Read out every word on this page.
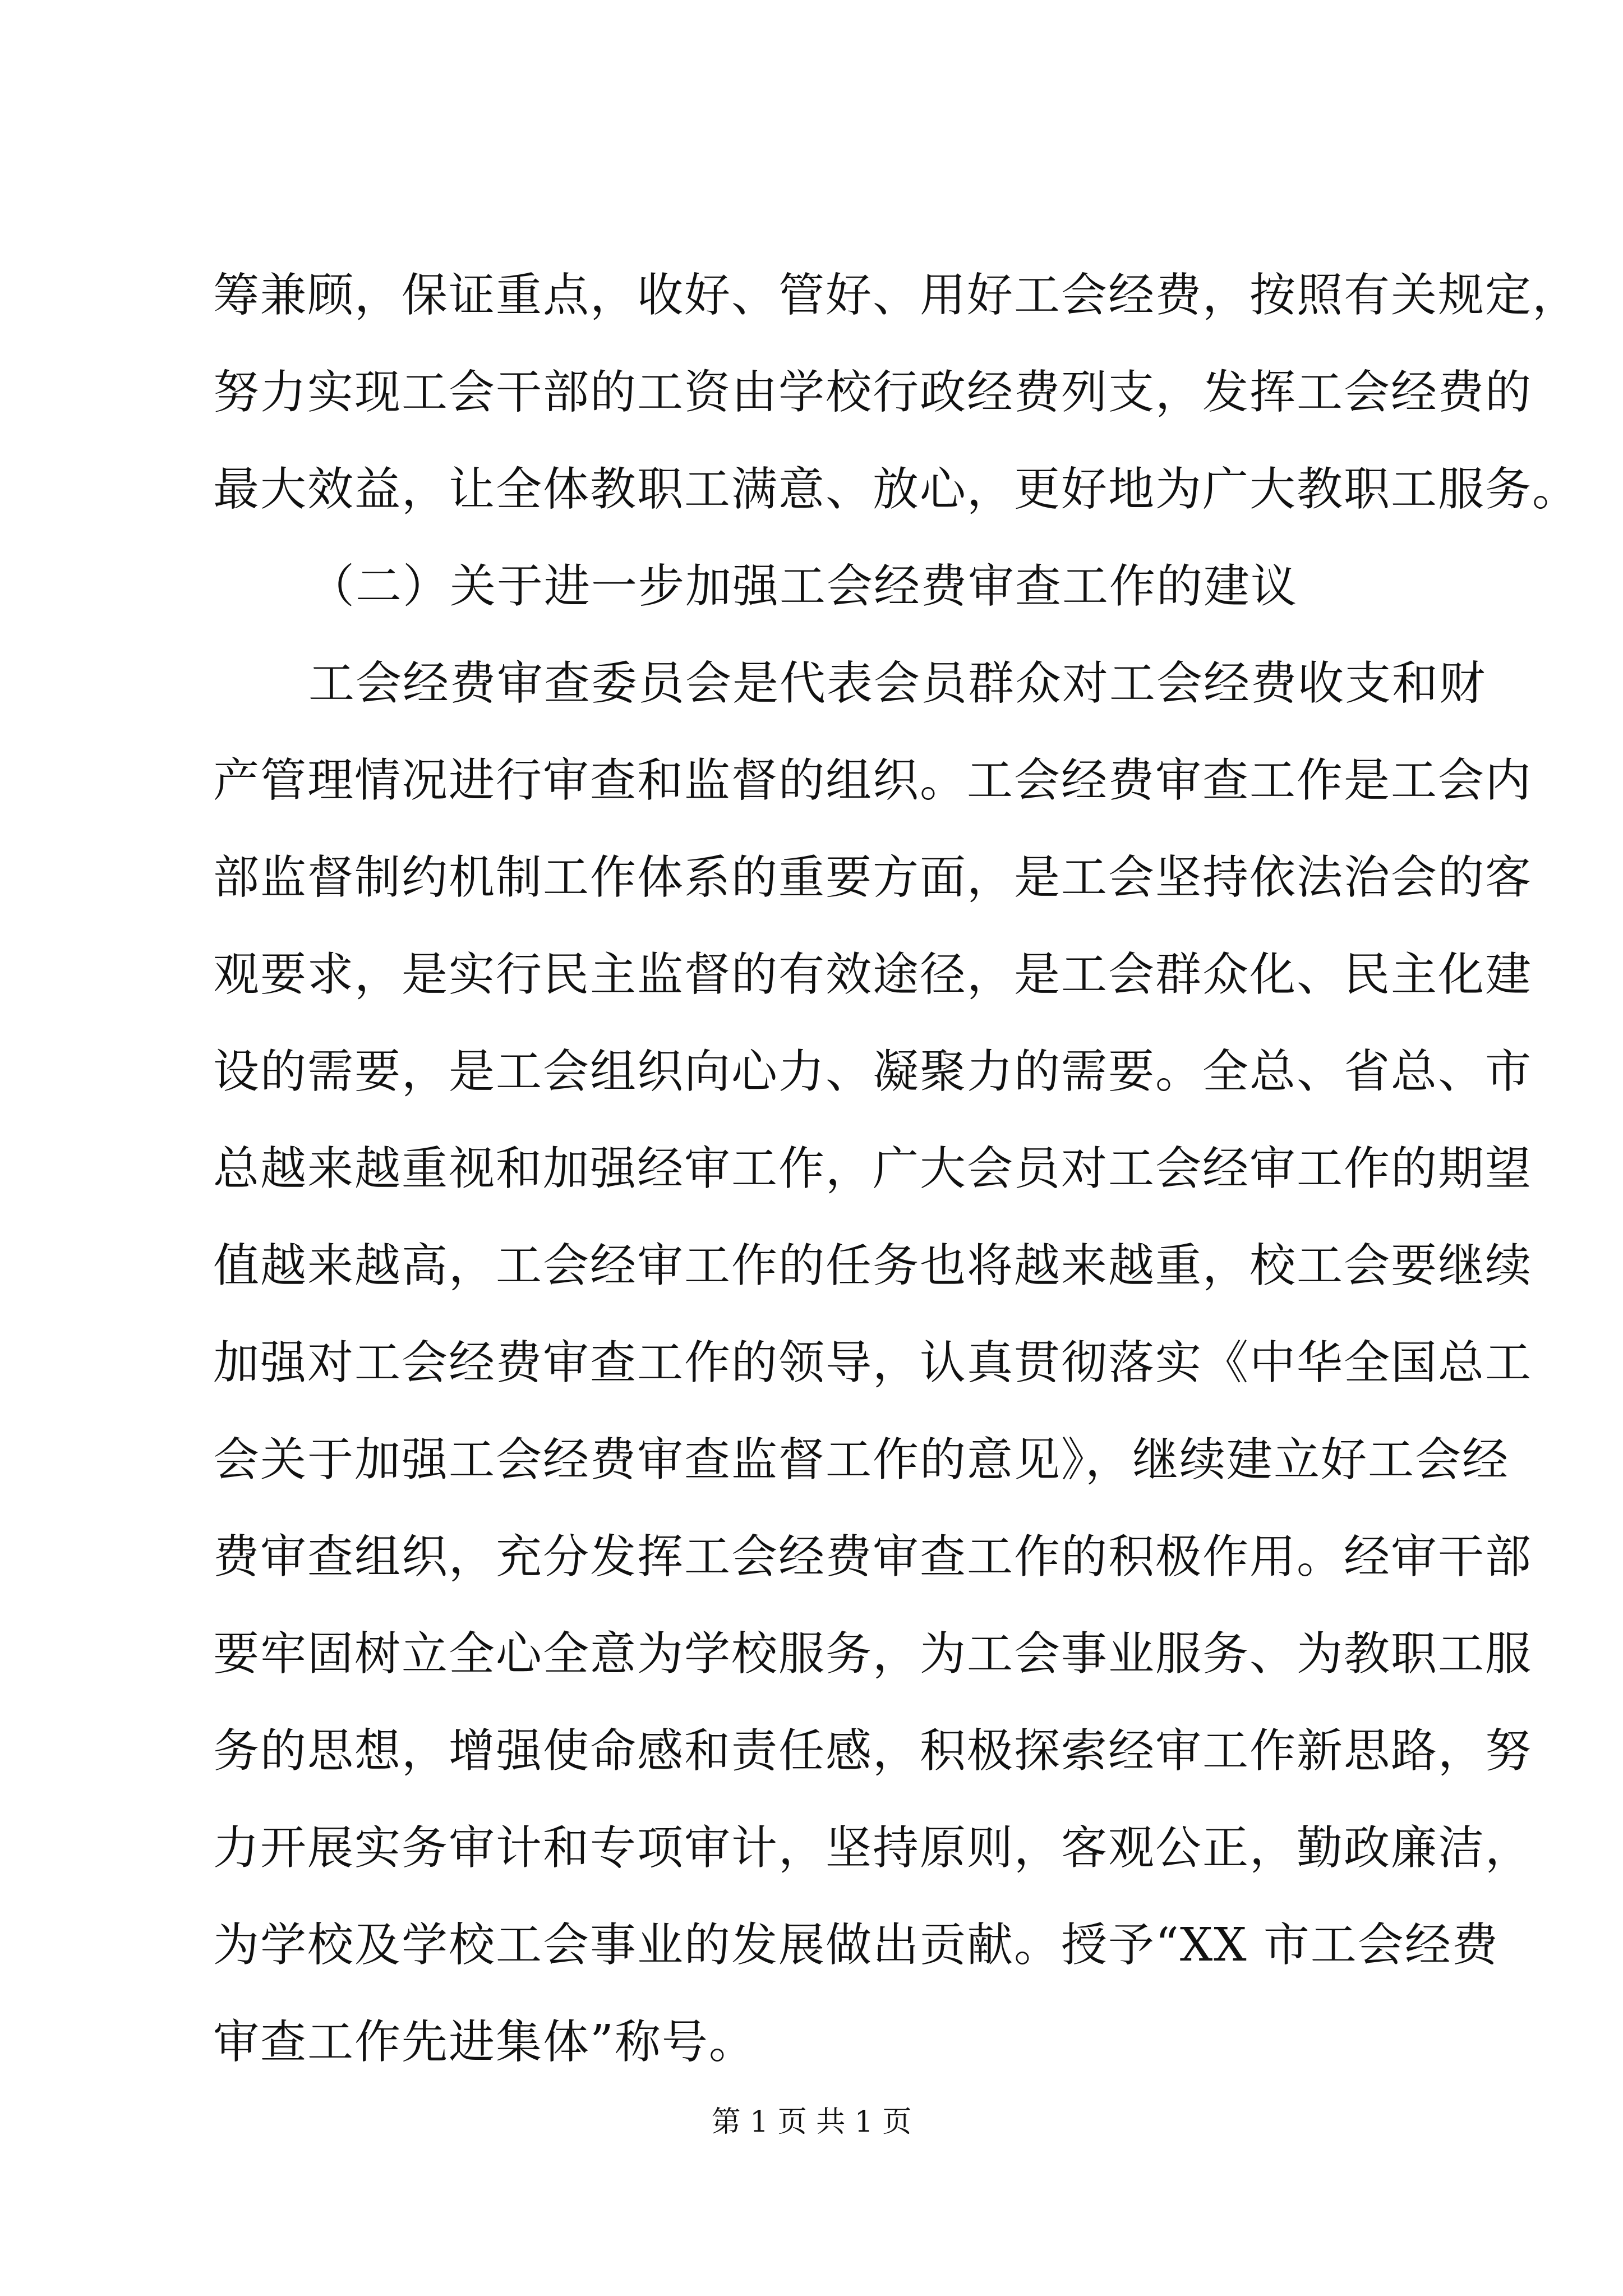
筹兼顾，保证重点，收好、管好、用好工会经费，按照有关规定，
努力实现工会干部的工资由学校行政经费列支，发挥工会经费的
最大效益，让全体教职工满意、放心，更好地为广大教职工服务。
（二）关于进一步加强工会经费审查工作的建议
工会经费审查委员会是代表会员群众对工会经费收支和财
产管理情况进行审查和监督的组织。工会经费审查工作是工会内
部监督制约机制工作体系的重要方面，是工会坚持依法治会的客
观要求，是实行民主监督的有效途径，是工会群众化、民主化建
设的需要，是工会组织向心力、凝聚力的需要。全总、省总、市
总越来越重视和加强经审工作，广大会员对工会经审工作的期望
值越来越高，工会经审工作的任务也将越来越重，校工会要继续
加强对工会经费审查工作的领导，认真贯彻落实《中华全国总工
会关于加强工会经费审查监督工作的意见》，继续建立好工会经
费审查组织，充分发挥工会经费审查工作的积极作用。经审干部
要牢固树立全心全意为学校服务，为工会事业服务、为教职工服
务的思想，增强使命感和责任感，积极探索经审工作新思路，努
力开展实务审计和专项审计，坚持原则，客观公正，勤政廉洁，
为学校及学校工会事业的发展做出贡献。授予“XX 市工会经费
审查工作先进集体”称号。
第 1 页 共 1 页
